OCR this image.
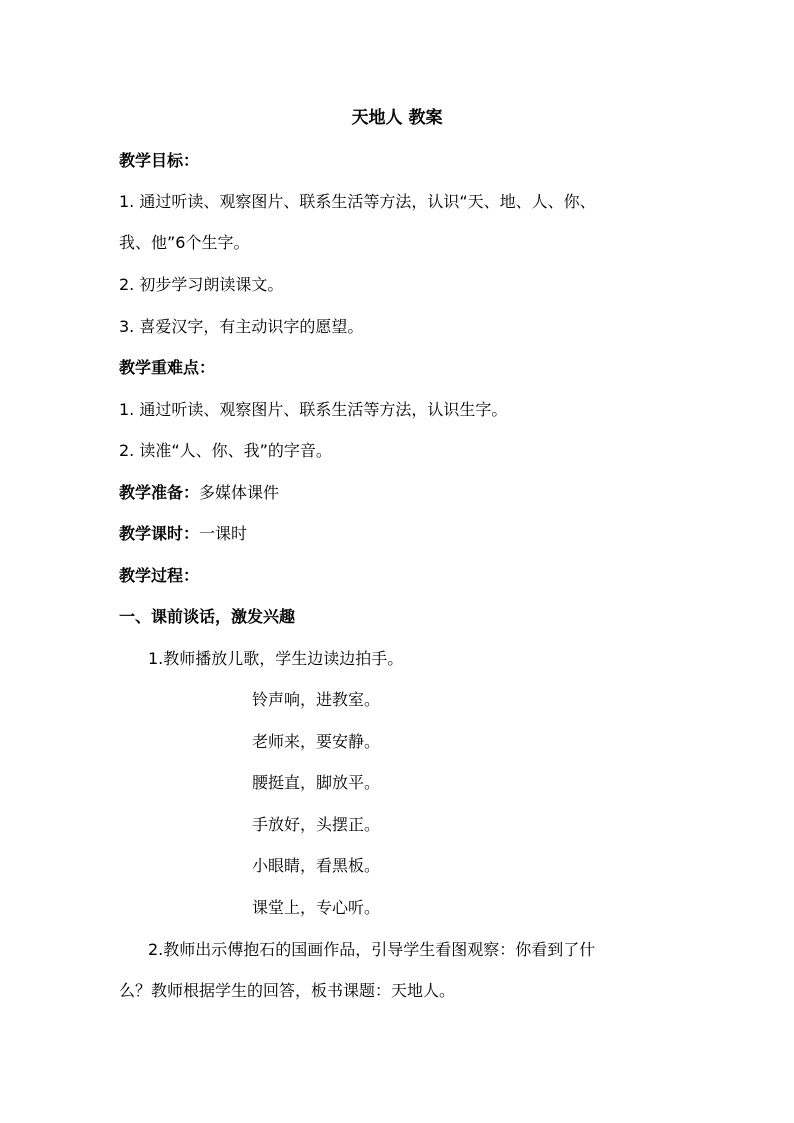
天地人 教案
教学目标：
1. 通过听读、观察图片、联系生活等方法，认识“天、地、人、你、
我、他”6个生字。
2. 初步学习朗读课文。
3. 喜爱汉字，有主动识字的愿望。
教学重难点：
1. 通过听读、观察图片、联系生活等方法，认识生字。
2. 读准“人、你、我”的字音。
教学准备：多媒体课件
教学课时：一课时
教学过程：
一、课前谈话，激发兴趣
1.教师播放儿歌，学生边读边拍手。
铃声响，进教室。
老师来，要安静。
腰挺直，脚放平。
手放好，头摆正。
小眼睛，看黑板。
课堂上，专心听。
2.教师出示傅抱石的国画作品，引导学生看图观察：你看到了什
么？教师根据学生的回答，板书课题：天地人。
